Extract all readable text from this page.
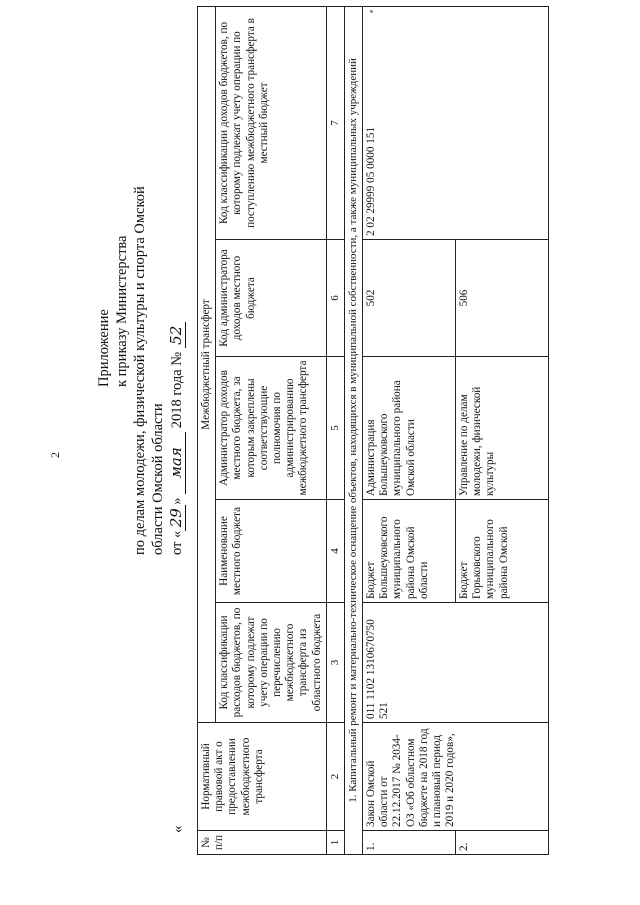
2
«
Приложение к приказу Министерства по делам молодежи, физической культуры и спорта Омской области Омской области от «29» мая 2018 года № 52
№ п/п	Нормативный правовой акт о предоставлении межбюджетного трансферта	Межбюджетный трансферт				
		Код классификации расходов бюджетов, по которому подлежат учету операции по перечислению межбюджетного трансферта из областного бюджета	Наименование местного бюджета	Администратор доходов местного бюджета, за которым закреплены соответствующие полномочия по администрированию межбюджетного трансферта	Код администратора доходов местного бюджета	Код классификации доходов бюджетов, по которому подлежат учету операции по поступлению межбюджетного трансферта в местный бюджет
1	2	3	4	5	6	7
1. Капитальный ремонт и материально-техническое оснащение объектов, находящихся в муниципальной собственности, а также муниципальных учреждений						
1.	Закон Омской области от 22.12.2017 № 2034-ОЗ «Об областном бюджете на 2018 год и плановый период 2019 и 2020 годов»,	011 1102 1310670750 521	Бюджет Большеуковского муниципального района Омской области	Администрация Большеуковского муниципального района Омской области	502	2 02 29999 05 0000 151
2.			Бюджет Горьковского муниципального района Омской	Управление по делам молодежи, физической культуры	506	
